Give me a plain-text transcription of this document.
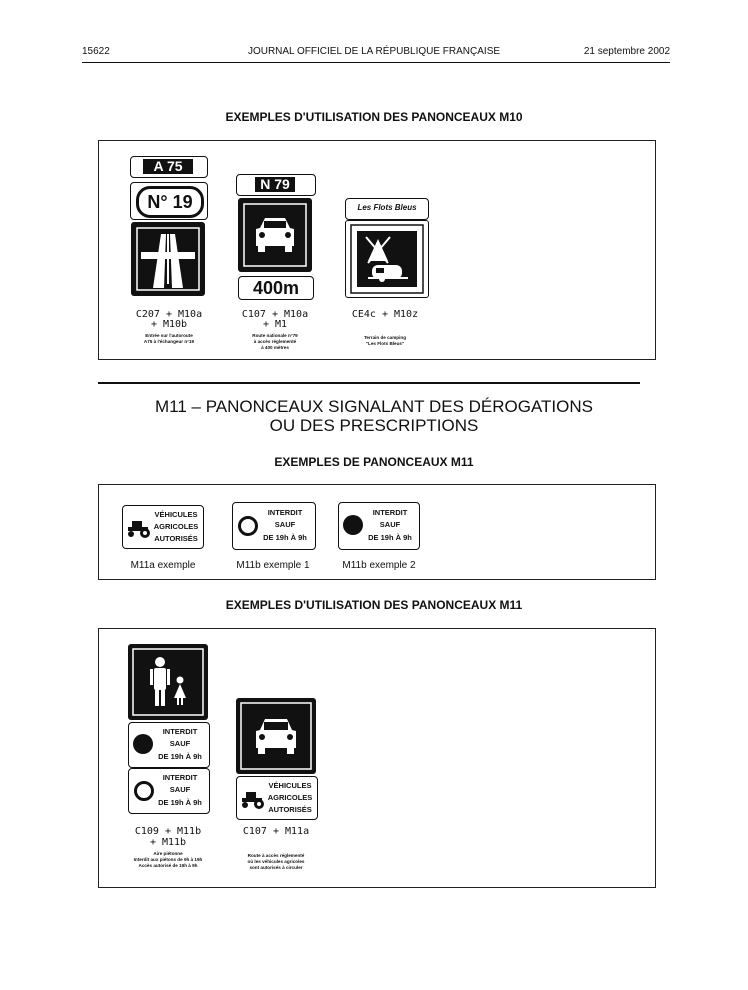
15622	JOURNAL OFFICIEL DE LA RÉPUBLIQUE FRANÇAISE	21 septembre 2002
EXEMPLES D'UTILISATION DES PANONCEAUX M10
A 75
N° 19
C207 + M10a
+ M10b
Entrée sur l'autoroute
A75 à l'échangeur n°19
N 79
400m
C107 + M10a
+ M1
Route nationale n°79
à accès réglementé
à 400 mètres
Les Flots Bleus
CE4c + M10z
Terrain de camping
"Les Flots Bleus"
M11 – PANONCEAUX SIGNALANT DES DÉROGATIONS
OU DES PRESCRIPTIONS
EXEMPLES DE PANONCEAUX M11
VÉHICULES
AGRICOLES
AUTORISÉS
M11a exemple
INTERDIT
SAUF
DE 19h À 9h
M11b exemple 1
INTERDIT
SAUF
DE 19h À 9h
M11b exemple 2
EXEMPLES D'UTILISATION DES PANONCEAUX M11
INTERDIT
SAUF
DE 19h À 9h
INTERDIT
SAUF
DE 19h À 9h
C109 + M11b
+ M11b
Aire piétonne
Interdit aux piétons de 9h à 19h
Accès autorisé de 19h à 9h
VÉHICULES
AGRICOLES
AUTORISÉS
C107 + M11a
Route à accès réglementé
où les véhicules agricoles
sont autorisés à circuler
